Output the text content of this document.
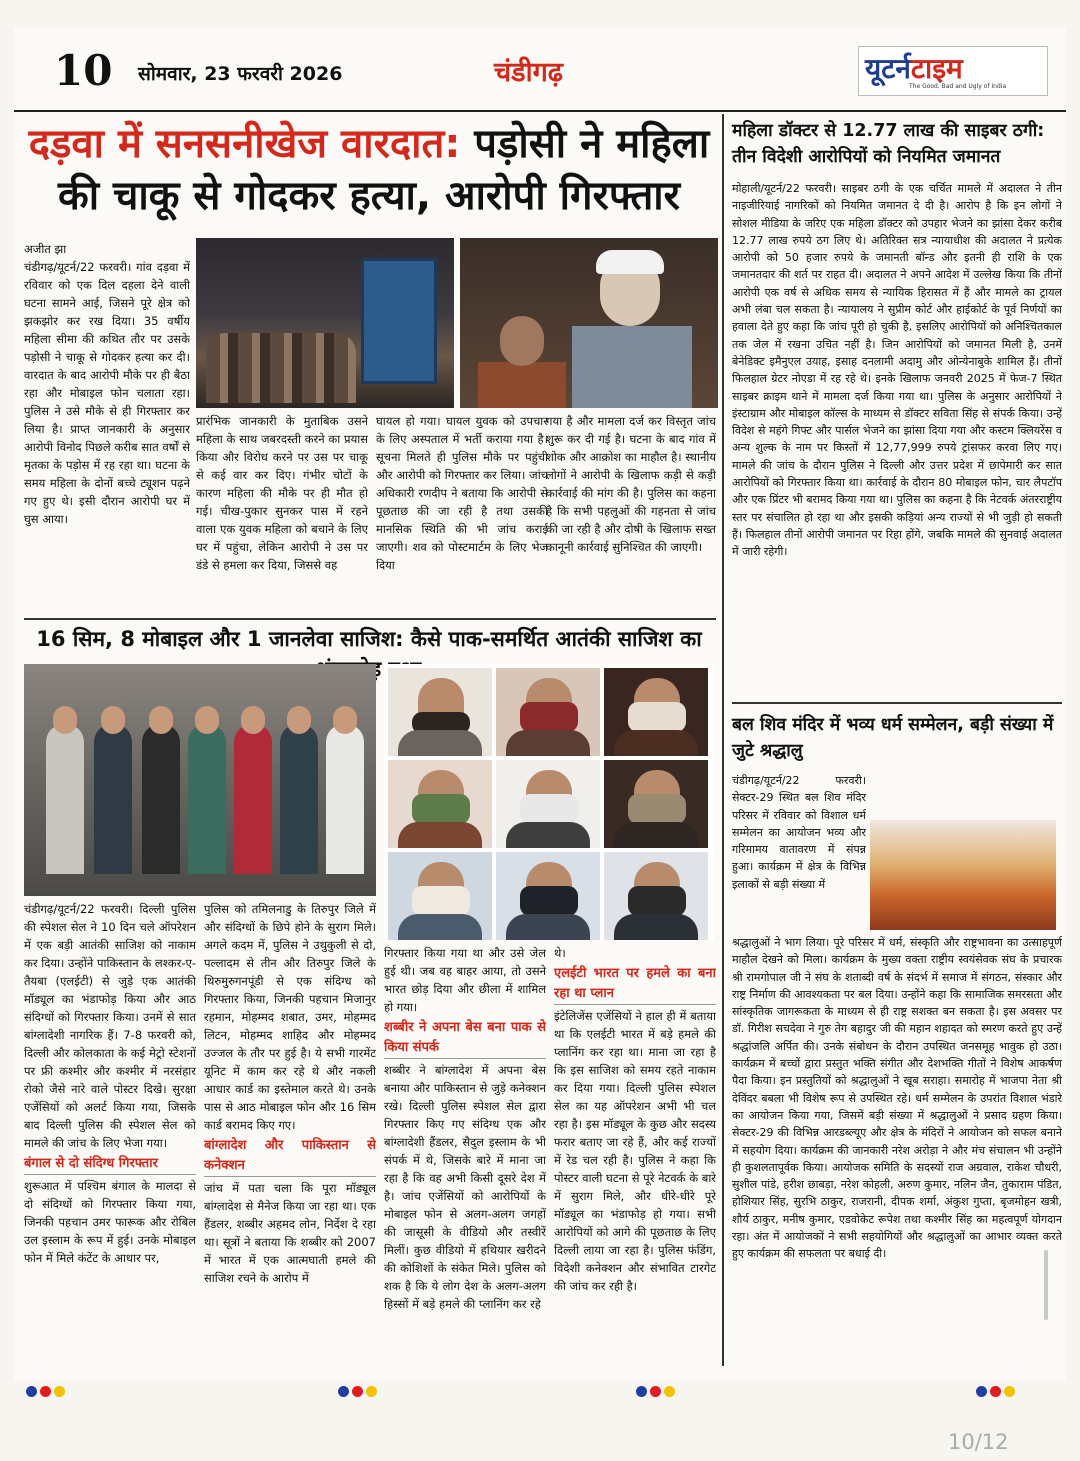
10 सोमवार, 23 फरवरी 2026	चंडीगढ़	यूटर्नटाइम
The Good, Bad and Ugly of India
दड़वा में सनसनीखेज वारदात: पड़ोसी ने महिला
की चाकू से गोदकर हत्या, आरोपी गिरफ्तार
अजीत झा
चंडीगढ़/यूटर्न/22 फरवरी। गांव दड़वा में रविवार को एक दिल दहला देने वाली घटना सामने आई, जिसने पूरे क्षेत्र को झकझोर कर रख दिया। 35 वर्षीय महिला सीमा की कथित तौर पर उसके पड़ोसी ने चाकू से गोदकर हत्या कर दी। वारदात के बाद आरोपी मौके पर ही बैठा रहा और मोबाइल फोन चलाता रहा। पुलिस ने उसे मौके से ही गिरफ्तार कर लिया है। प्राप्त जानकारी के अनुसार आरोपी विनोद पिछले करीब सात वर्षों से मृतका के पड़ोस में रह रहा था। घटना के समय महिला के दोनों बच्चे ट्यूशन पढ़ने गए हुए थे। इसी दौरान आरोपी घर में घुस आया।
प्रारंभिक जानकारी के मुताबिक उसने महिला के साथ जबरदस्ती करने का प्रयास किया और विरोध करने पर उस पर चाकू से कई वार कर दिए। गंभीर चोटों के कारण महिला की मौके पर ही मौत हो गई। चीख-पुकार सुनकर पास में रहने वाला एक युवक महिला को बचाने के लिए घर में पहुंचा, लेकिन आरोपी ने उस पर डंडे से हमला कर दिया, जिससे वह
घायल हो गया। घायल युवक को उपचार के लिए अस्पताल में भर्ती कराया गया है। सूचना मिलते ही पुलिस मौके पर पहुंची और आरोपी को गिरफ्तार कर लिया। जांच अधिकारी रणदीप ने बताया कि आरोपी से पूछताछ की जा रही है तथा उसकी मानसिक स्थिति की भी जांच कराई जाएगी। शव को पोस्टमार्टम के लिए भेज दिया
गया है और मामला दर्ज कर विस्तृत जांच शुरू कर दी गई है। घटना के बाद गांव में शोक और आक्रोश का माहौल है। स्थानीय लोगों ने आरोपी के खिलाफ कड़ी से कड़ी कार्रवाई की मांग की है। पुलिस का कहना है कि सभी पहलुओं की गहनता से जांच की जा रही है और दोषी के खिलाफ सख्त कानूनी कार्रवाई सुनिश्चित की जाएगी।
16 सिम, 8 मोबाइल और 1 जानलेवा साजिश: कैसे पाक-समर्थित आतंकी साजिश का
चंडीगढ़/यूटर्न/22 फरवरी। दिल्ली पुलिस की स्पेशल सेल ने 10 दिन चले ऑपरेशन में एक बड़ी आतंकी साजिश को नाकाम कर दिया। उन्होंने पाकिस्तान के लश्कर-ए-तैयबा (एलईटी) से जुड़े एक आतंकी मॉड्यूल का भंडाफोड़ किया और आठ संदिग्धों को गिरफ्तार किया। उनमें से सात बांग्लादेशी नागरिक हैं। 7-8 फरवरी को, दिल्ली और कोलकाता के कई मेट्रो स्टेशनों पर फ्री कश्मीर और कश्मीर में नरसंहार रोको जैसे नारे वाले पोस्टर दिखे। सुरक्षा एजेंसियों को अलर्ट किया गया, जिसके बाद दिल्ली पुलिस की स्पेशल सेल को मामले की जांच के लिए भेजा गया।
बंगाल से दो संदिग्ध गिरफ्तार
शुरूआत में पश्चिम बंगाल के मालदा से दो संदिग्धों को गिरफ्तार किया गया, जिनकी पहचान उमर फारूक और रोबिल उल इस्लाम के रूप में हुई। उनके मोबाइल फोन में मिले कंटेंट के आधार पर,
पुलिस को तमिलनाडु के तिरुपुर जिले में और संदिग्धों के छिपे होने के सुराग मिले। अगले कदम में, पुलिस ने उथुकुली से दो, पल्लादम से तीन और तिरुपुर जिले के थिरुमुरुगनपूंडी से एक संदिग्ध को गिरफ्तार किया, जिनकी पहचान मिजानुर रहमान, मोहम्मद शबात, उमर, मोहम्मद लिटन, मोहम्मद शाहिद और मोहम्मद उज्जल के तौर पर हुई है। ये सभी गारमेंट यूनिट में काम कर रहे थे और नकली आधार कार्ड का इस्तेमाल करते थे। उनके पास से आठ मोबाइल फोन और 16 सिम कार्ड बरामद किए गए।
बांग्लादेश और पाकिस्तान से कनेक्शन
जांच में पता चला कि पूरा मॉड्यूल बांग्लादेश से मैनेज किया जा रहा था। एक हैंडलर, शब्बीर अहमद लोन, निर्देश दे रहा था। सूत्रों ने बताया कि शब्बीर को 2007 में भारत में एक आत्मघाती हमले की साजिश रचने के आरोप में
गिरफ्तार किया गया था और उसे जेल हुई थी। जब वह बाहर आया, तो उसने भारत छोड़ दिया और छीला में शामिल हो गया।
शब्बीर ने अपना बेस बना पाक से किया संपर्क
शब्बीर ने बांग्लादेश में अपना बेस बनाया और पाकिस्तान से जुड़े कनेक्शन रखे। दिल्ली पुलिस स्पेशल सेल द्वारा गिरफ्तार किए गए संदिग्ध एक और बांग्लादेशी हैंडलर, सैदुल इस्लाम के भी संपर्क में थे, जिसके बारे में माना जा रहा है कि वह अभी किसी दूसरे देश में है। जांच एजेंसियों को आरोपियों के मोबाइल फोन से अलग-अलग जगहों की जासूसी के वीडियो और तस्वीरें मिलीं। कुछ वीडियो में हथियार खरीदने की कोशिशों के संकेत मिले। पुलिस को शक है कि ये लोग देश के अलग-अलग हिस्सों में बड़े हमले की प्लानिंग कर रहे
थे।
एलईटी भारत पर हमले का बना रहा था प्लान
इंटेलिजेंस एजेंसियों ने हाल ही में बताया था कि एलईटी भारत में बड़े हमले की प्लानिंग कर रहा था। माना जा रहा है कि इस साजिश को समय रहते नाकाम कर दिया गया। दिल्ली पुलिस स्पेशल सेल का यह ऑपरेशन अभी भी चल रहा है। इस मॉड्यूल के कुछ और सदस्य फरार बताए जा रहे हैं, और कई राज्यों में रेड चल रही है। पुलिस ने कहा कि पोस्टर वाली घटना से पूरे नेटवर्क के बारे में सुराग मिले, और धीरे-धीरे पूरे मॉड्यूल का भंडाफोड़ हो गया। सभी आरोपियों को आगे की पूछताछ के लिए दिल्ली लाया जा रहा है। पुलिस फंडिंग, विदेशी कनेक्शन और संभावित टारगेट की जांच कर रही है।
महिला डॉक्टर से 12.77 लाख की साइबर ठगी: तीन विदेशी आरोपियों को नियमित जमानत
मोहाली/यूटर्न/22 फरवरी। साइबर ठगी के एक चर्चित मामले में अदालत ने तीन नाइजीरियाई नागरिकों को नियमित जमानत दे दी है। आरोप है कि इन लोगों ने सोशल मीडिया के जरिए एक महिला डॉक्टर को उपहार भेजने का झांसा देकर करीब 12.77 लाख रुपये ठग लिए थे। अतिरिक्त सत्र न्यायाधीश की अदालत ने प्रत्येक आरोपी को 50 हजार रुपये के जमानती बॉन्ड और इतनी ही राशि के एक जमानतदार की शर्त पर राहत दी। अदालत ने अपने आदेश में उल्लेख किया कि तीनों आरोपी एक वर्ष से अधिक समय से न्यायिक हिरासत में हैं और मामले का ट्रायल अभी लंबा चल सकता है। न्यायालय ने सुप्रीम कोर्ट और हाईकोर्ट के पूर्व निर्णयों का हवाला देते हुए कहा कि जांच पूरी हो चुकी है, इसलिए आरोपियों को अनिश्चितकाल तक जेल में रखना उचित नहीं है। जिन आरोपियों को जमानत मिली है, उनमें बेनेडिक्ट इमैनुएल उयाह, इसाह दनलामी अदामु और ओन्येनाबुके शामिल हैं। तीनों फिलहाल ग्रेटर नोएडा में रह रहे थे। इनके खिलाफ जनवरी 2025 में फेज-7 स्थित साइबर क्राइम थाने में मामला दर्ज किया गया था। पुलिस के अनुसार आरोपियों ने इंस्टाग्राम और मोबाइल कॉल्स के माध्यम से डॉक्टर सविता सिंह से संपर्क किया। उन्हें विदेश से महंगे गिफ्ट और पार्सल भेजने का झांसा दिया गया और कस्टम क्लियरेंस व अन्य शुल्क के नाम पर किस्तों में 12,77,999 रुपये ट्रांसफर करवा लिए गए। मामले की जांच के दौरान पुलिस ने दिल्ली और उत्तर प्रदेश में छापेमारी कर सात आरोपियों को गिरफ्तार किया था। कार्रवाई के दौरान 80 मोबाइल फोन, चार लैपटॉप और एक प्रिंटर भी बरामद किया गया था। पुलिस का कहना है कि नेटवर्क अंतरराष्ट्रीय स्तर पर संचालित हो रहा था और इसकी कड़ियां अन्य राज्यों से भी जुड़ी हो सकती हैं। फिलहाल तीनों आरोपी जमानत पर रिहा होंगे, जबकि मामले की सुनवाई अदालत में जारी रहेगी।
बल शिव मंदिर में भव्य धर्म सम्मेलन, बड़ी संख्या में जुटे श्रद्धालु
चंडीगढ़/यूटर्न/22 फरवरी। सेक्टर-29 स्थित बल शिव मंदिर परिसर में रविवार को विशाल धर्म सम्मेलन का आयोजन भव्य और गरिमामय वातावरण में संपन्न हुआ। कार्यक्रम में क्षेत्र के विभिन्न इलाकों से बड़ी संख्या में
श्रद्धालुओं ने भाग लिया। पूरे परिसर में धर्म, संस्कृति और राष्ट्रभावना का उत्साहपूर्ण माहौल देखने को मिला। कार्यक्रम के मुख्य वक्ता राष्ट्रीय स्वयंसेवक संघ के प्रचारक श्री रामगोपाल जी ने संघ के शताब्दी वर्ष के संदर्भ में समाज में संगठन, संस्कार और राष्ट्र निर्माण की आवश्यकता पर बल दिया। उन्होंने कहा कि सामाजिक समरसता और सांस्कृतिक जागरूकता के माध्यम से ही राष्ट्र सशक्त बन सकता है। इस अवसर पर डॉ. गिरीश सचदेवा ने गुरु तेग बहादुर जी की महान शहादत को स्मरण करते हुए उन्हें श्रद्धांजलि अर्पित की। उनके संबोधन के दौरान उपस्थित जनसमूह भावुक हो उठा। कार्यक्रम में बच्चों द्वारा प्रस्तुत भक्ति संगीत और देशभक्ति गीतों ने विशेष आकर्षण पैदा किया। इन प्रस्तुतियों को श्रद्धालुओं ने खूब सराहा। समारोह में भाजपा नेता श्री देविंदर बबला भी विशेष रूप से उपस्थित रहे। धर्म सम्मेलन के उपरांत विशाल भंडारे का आयोजन किया गया, जिसमें बड़ी संख्या में श्रद्धालुओं ने प्रसाद ग्रहण किया। सेक्टर-29 की विभिन्न आरडब्ल्यूए और क्षेत्र के मंदिरों ने आयोजन को सफल बनाने में सहयोग दिया। कार्यक्रम की जानकारी नरेश अरोड़ा ने और मंच संचालन भी उन्होंने ही कुशलतापूर्वक किया। आयोजक समिति के सदस्यों राज अग्रवाल, राकेश चौधरी, सुशील पांडे, हरीश छाबड़ा, नरेश कोहली, अरुण कुमार, नलिन जैन, तुकाराम पंडित, होशियार सिंह, सुरभि ठाकुर, राजरानी, दीपक शर्मा, अंकुश गुप्ता, बृजमोहन खत्री, शौर्य ठाकुर, मनीष कुमार, एडवोकेट रूपेश तथा कश्मीर सिंह का महत्वपूर्ण योगदान रहा। अंत में आयोजकों ने सभी सहयोगियों और श्रद्धालुओं का आभार व्यक्त करते हुए कार्यक्रम की सफलता पर बधाई दी।
10/12
